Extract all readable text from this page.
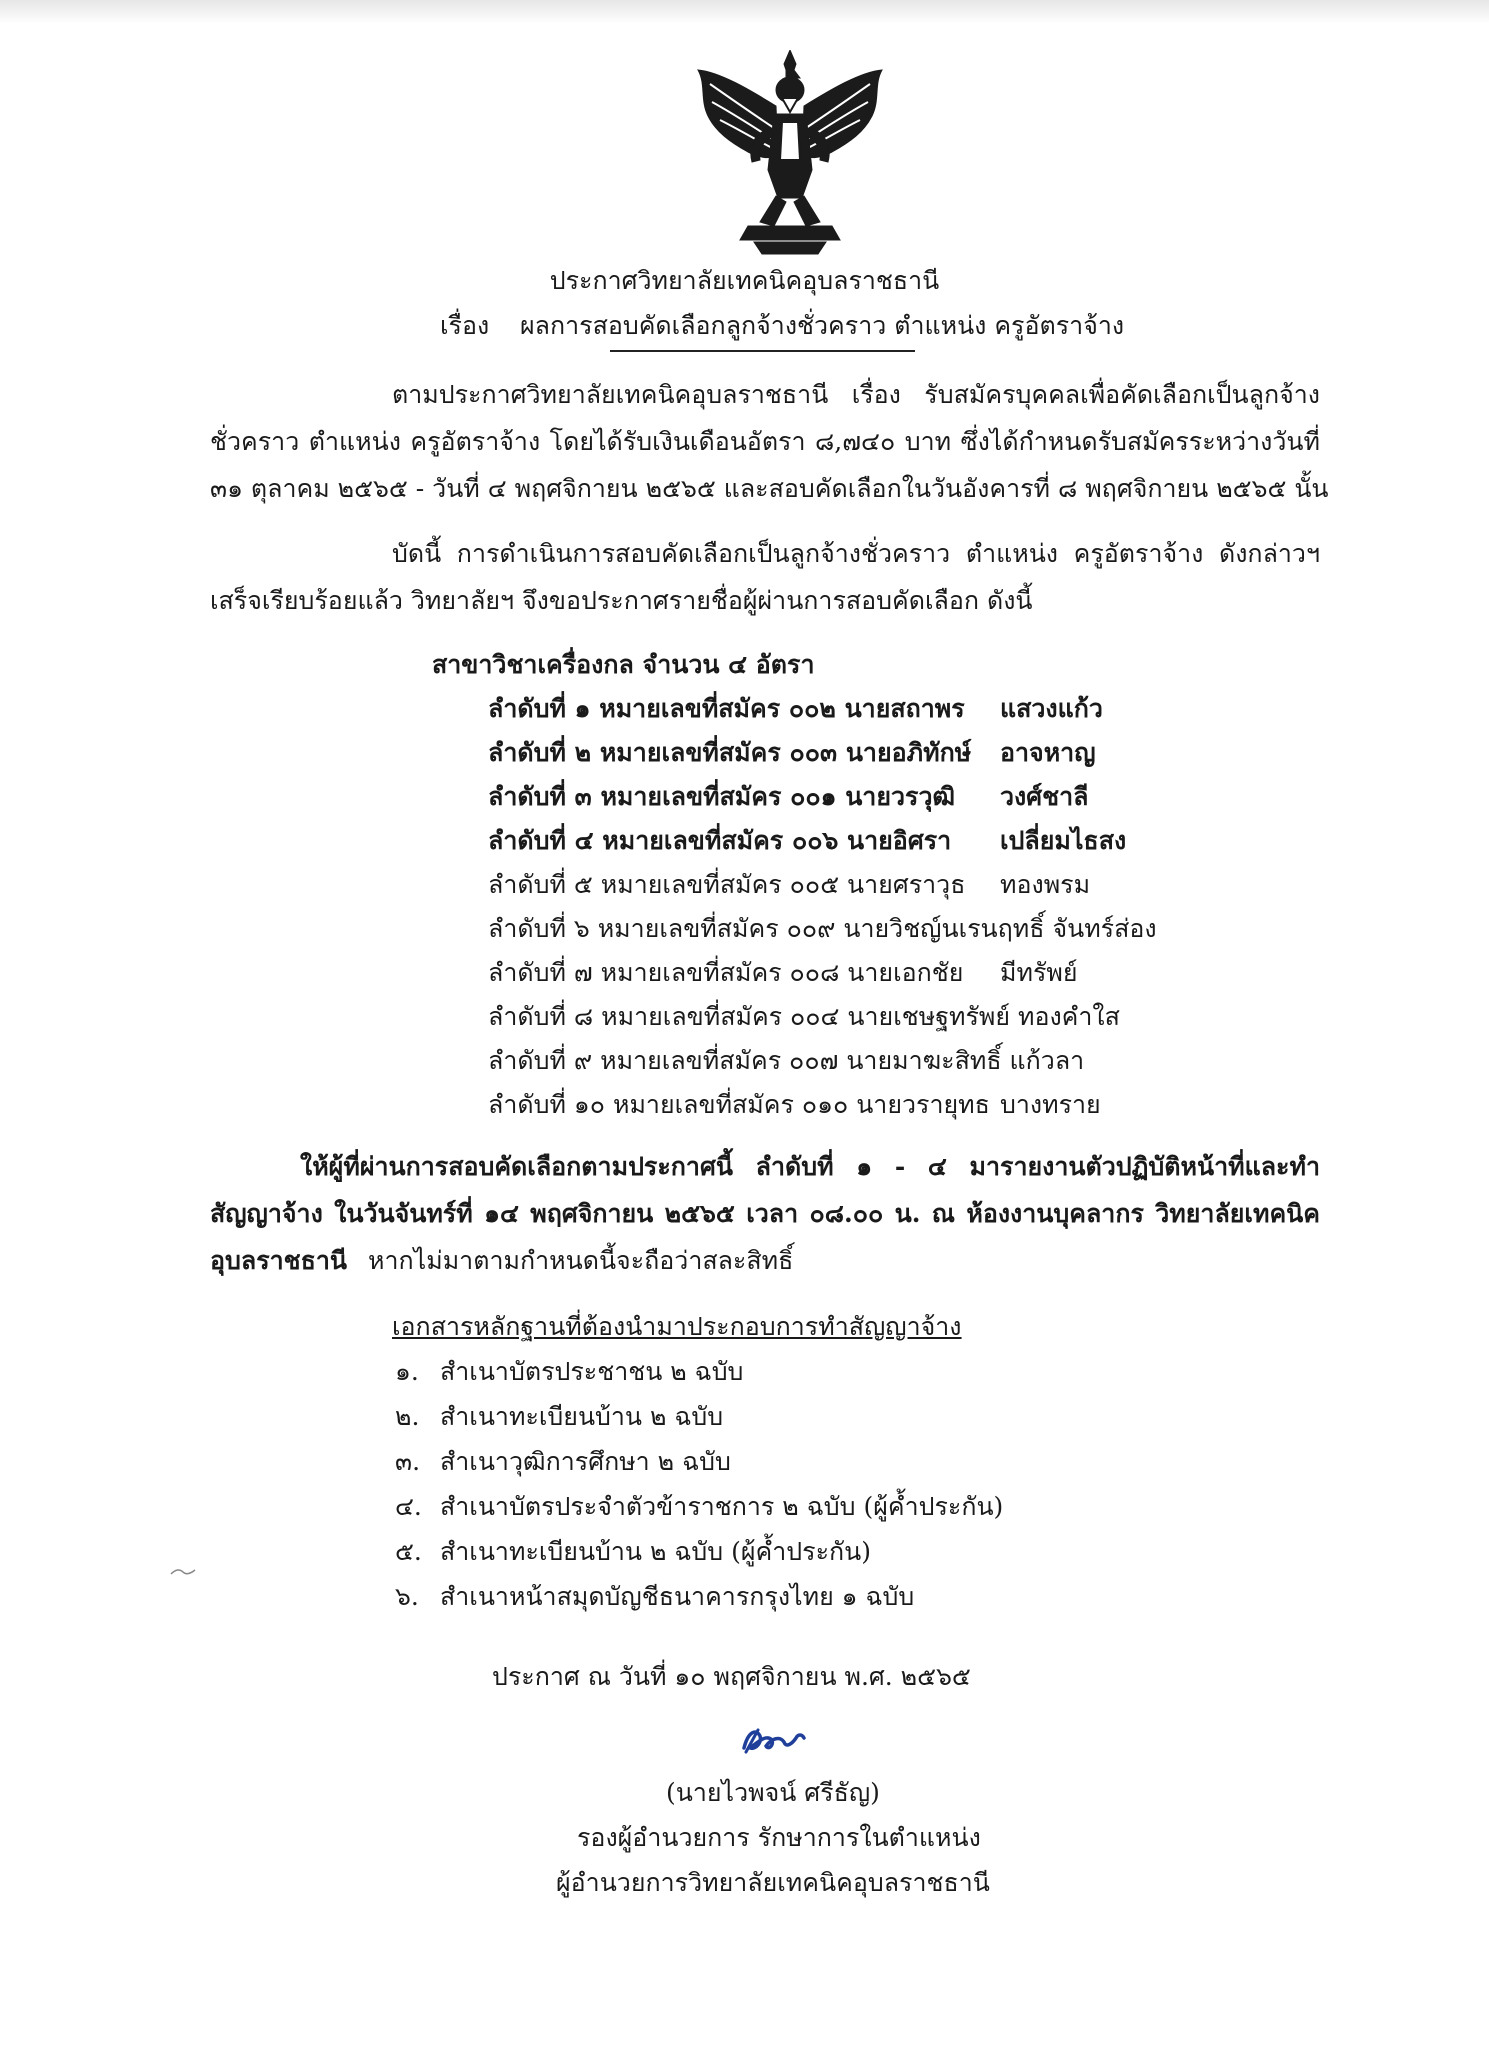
ประกาศวิทยาลัยเทคนิคอุบลราชธานี
เรื่อง ผลการสอบคัดเลือกลูกจ้างชั่วคราว ตำแหน่ง ครูอัตราจ้าง
ตามประกาศวิทยาลัยเทคนิคอุบลราชธานี เรื่อง รับสมัครบุคคลเพื่อคัดเลือกเป็นลูกจ้าง
ชั่วคราว ตำแหน่ง ครูอัตราจ้าง โดยได้รับเงินเดือนอัตรา ๘,๗๔๐ บาท ซึ่งได้กำหนดรับสมัครระหว่างวันที่
๓๑ ตุลาคม ๒๕๖๕ - วันที่ ๔ พฤศจิกายน ๒๕๖๕ และสอบคัดเลือกในวันอังคารที่ ๘ พฤศจิกายน ๒๕๖๕ นั้น
บัดนี้ การดำเนินการสอบคัดเลือกเป็นลูกจ้างชั่วคราว ตำแหน่ง ครูอัตราจ้าง ดังกล่าวฯ
เสร็จเรียบร้อยแล้ว วิทยาลัยฯ จึงขอประกาศรายชื่อผู้ผ่านการสอบคัดเลือก ดังนี้
สาขาวิชาเครื่องกล จำนวน ๔ อัตรา
ลำดับที่ ๑ หมายเลขที่สมัคร ๐๐๒ นายสถาพร แสวงแก้ว
ลำดับที่ ๒ หมายเลขที่สมัคร ๐๐๓ นายอภิทักษ์ อาจหาญ
ลำดับที่ ๓ หมายเลขที่สมัคร ๐๐๑ นายวรวุฒิ วงศ์ชาลี
ลำดับที่ ๔ หมายเลขที่สมัคร ๐๐๖ นายอิศรา เปลี่ยมไธสง
ลำดับที่ ๕ หมายเลขที่สมัคร ๐๐๕ นายศราวุธ ทองพรม
ลำดับที่ ๖ หมายเลขที่สมัคร ๐๐๙ นายวิชญ์นเรนฤทธิ์ จันทร์ส่อง
ลำดับที่ ๗ หมายเลขที่สมัคร ๐๐๘ นายเอกชัย มีทรัพย์
ลำดับที่ ๘ หมายเลขที่สมัคร ๐๐๔ นายเชษฐทรัพย์ ทองคำใส
ลำดับที่ ๙ หมายเลขที่สมัคร ๐๐๗ นายมาฆะสิทธิ์ แก้วลา
ลำดับที่ ๑๐ หมายเลขที่สมัคร ๐๑๐ นายวรายุทธ บางทราย
ให้ผู้ที่ผ่านการสอบคัดเลือกตามประกาศนี้ ลำดับที่ ๑ - ๔ มารายงานตัวปฏิบัติหน้าที่และทำ
สัญญาจ้าง ในวันจันทร์ที่ ๑๔ พฤศจิกายน ๒๕๖๕ เวลา ๐๘.๐๐ น. ณ ห้องงานบุคลากร วิทยาลัยเทคนิค
อุบลราชธานี หากไม่มาตามกำหนดนี้จะถือว่าสละสิทธิ์
เอกสารหลักฐานที่ต้องนำมาประกอบการทำสัญญาจ้าง
๑. สำเนาบัตรประชาชน ๒ ฉบับ
๒. สำเนาทะเบียนบ้าน ๒ ฉบับ
๓. สำเนาวุฒิการศึกษา ๒ ฉบับ
๔. สำเนาบัตรประจำตัวข้าราชการ ๒ ฉบับ (ผู้ค้ำประกัน)
๕. สำเนาทะเบียนบ้าน ๒ ฉบับ (ผู้ค้ำประกัน)
๖. สำเนาหน้าสมุดบัญชีธนาคารกรุงไทย ๑ ฉบับ
ประกาศ ณ วันที่ ๑๐ พฤศจิกายน พ.ศ. ๒๕๖๕
(นายไวพจน์ ศรีธัญ)
รองผู้อำนวยการ รักษาการในตำแหน่ง
ผู้อำนวยการวิทยาลัยเทคนิคอุบลราชธานี
